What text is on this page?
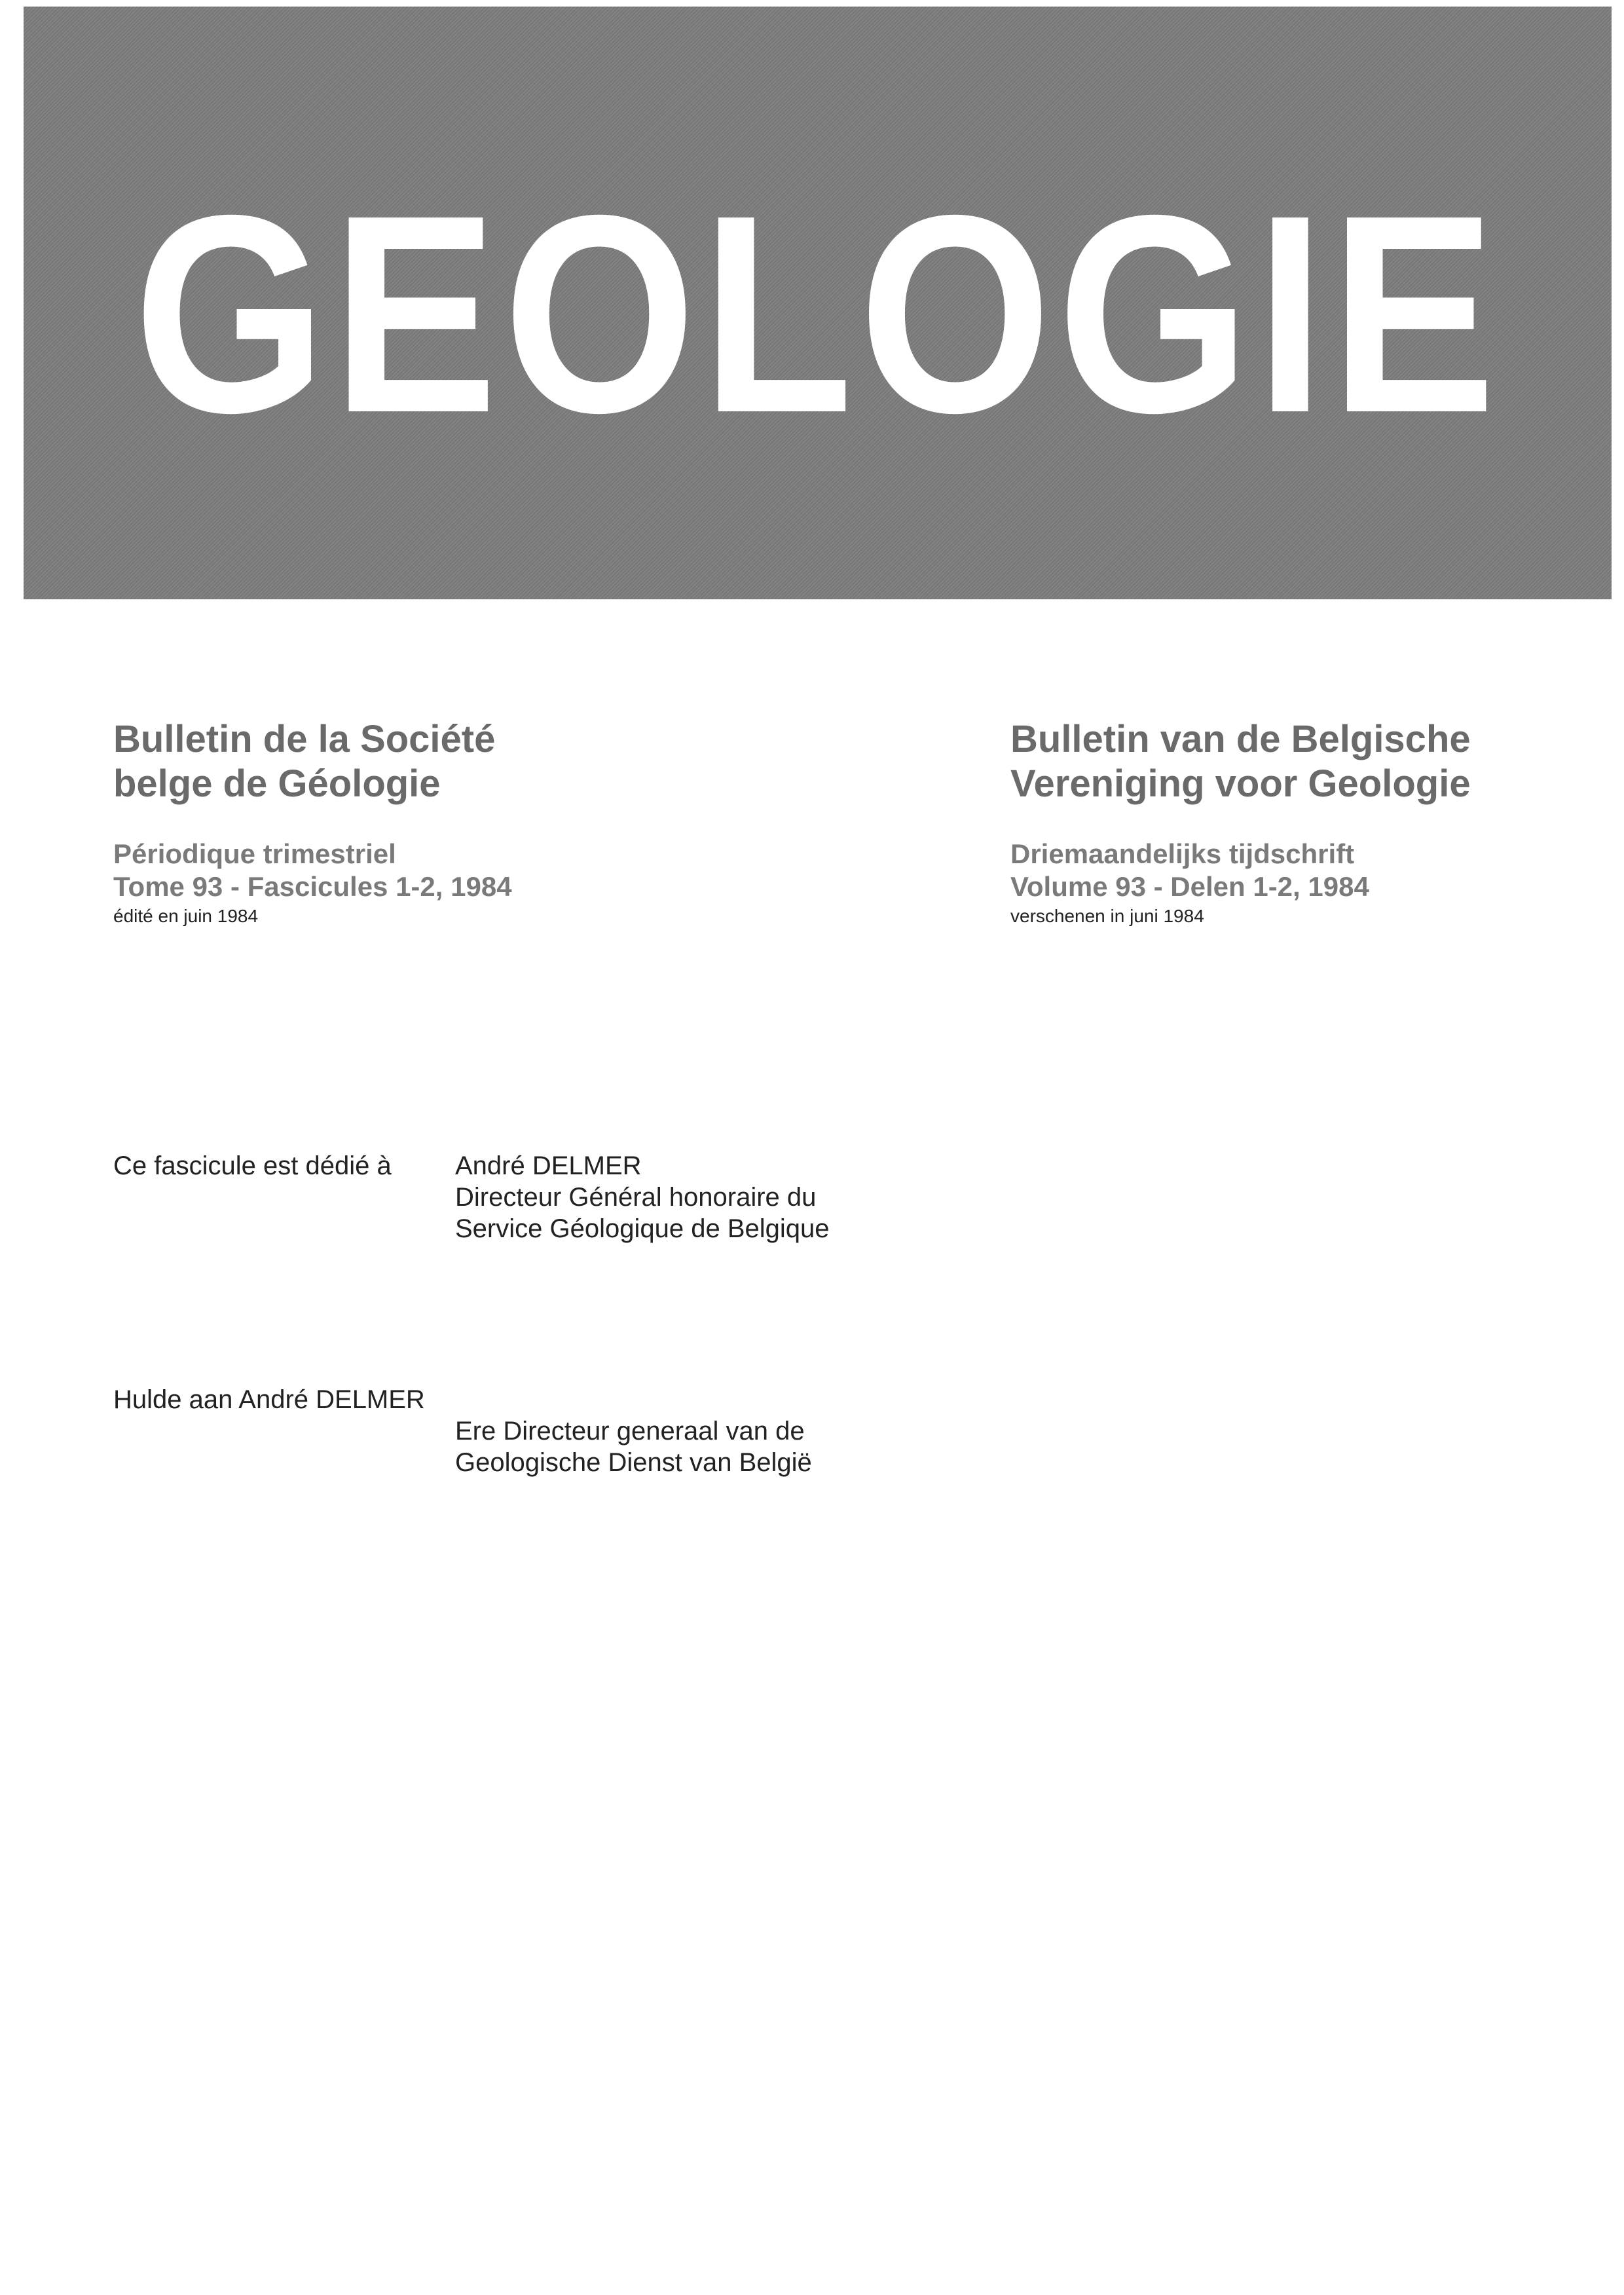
GEOLOGIE

Bulletin de la Société

belge de Géologie

Périodique trimestriel

Tome 93 - Fascicules 1-2, 1984

édité en juin 1984

Bulletin van de Belgische

Vereniging voor Geologie

Driemaandelijks tijdschrift

Volume 93 - Delen 1-2, 1984

verschenen in juni 1984

Ce fascicule est dédié à André DELMER
Directeur Général honoraire du
Service Géologique de Belgique
Hulde aan André DELMER
Ere Directeur generaal van de
Geologische Dienst van België
